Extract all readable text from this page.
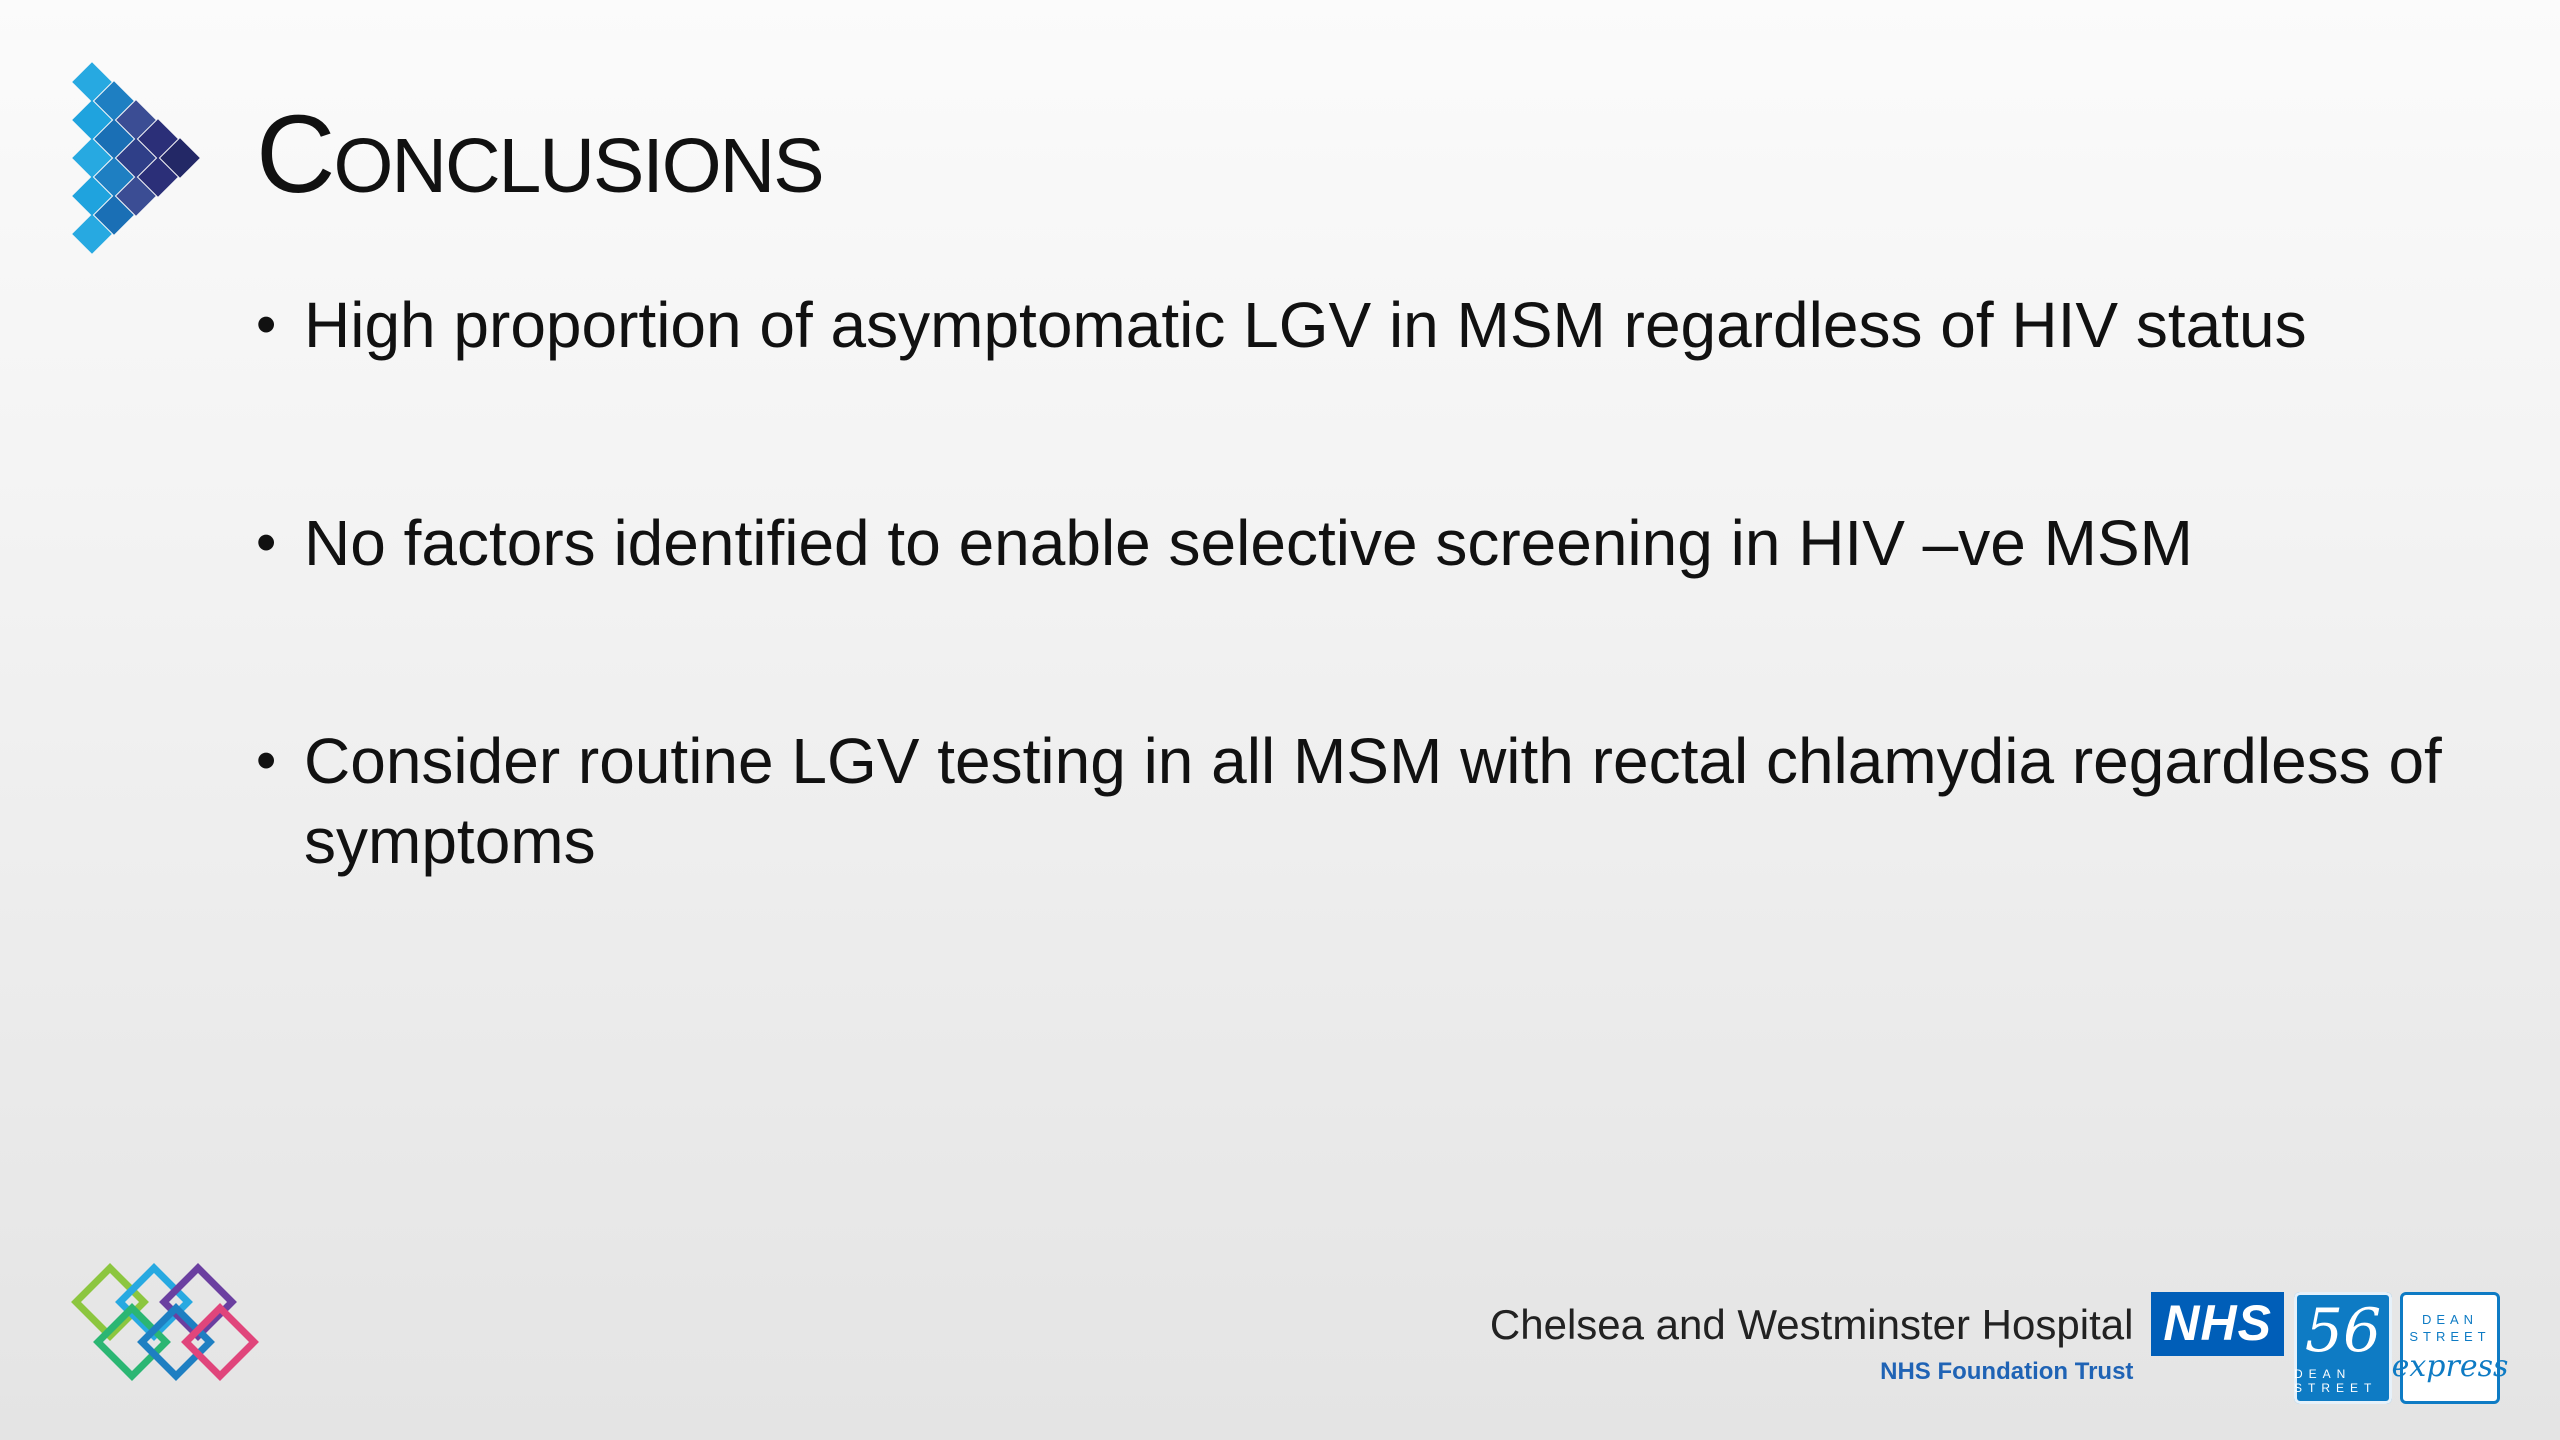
Conclusions
• High proportion of asymptomatic LGV in MSM regardless of HIV status
• No factors identified to enable selective screening in HIV –ve MSM
• Consider routine LGV testing in all MSM with rectal chlamydia regardless of symptoms
Chelsea and Westminster Hospital
NHS Foundation Trust
NHS 56
DEAN STREET
DEAN STREET
express
